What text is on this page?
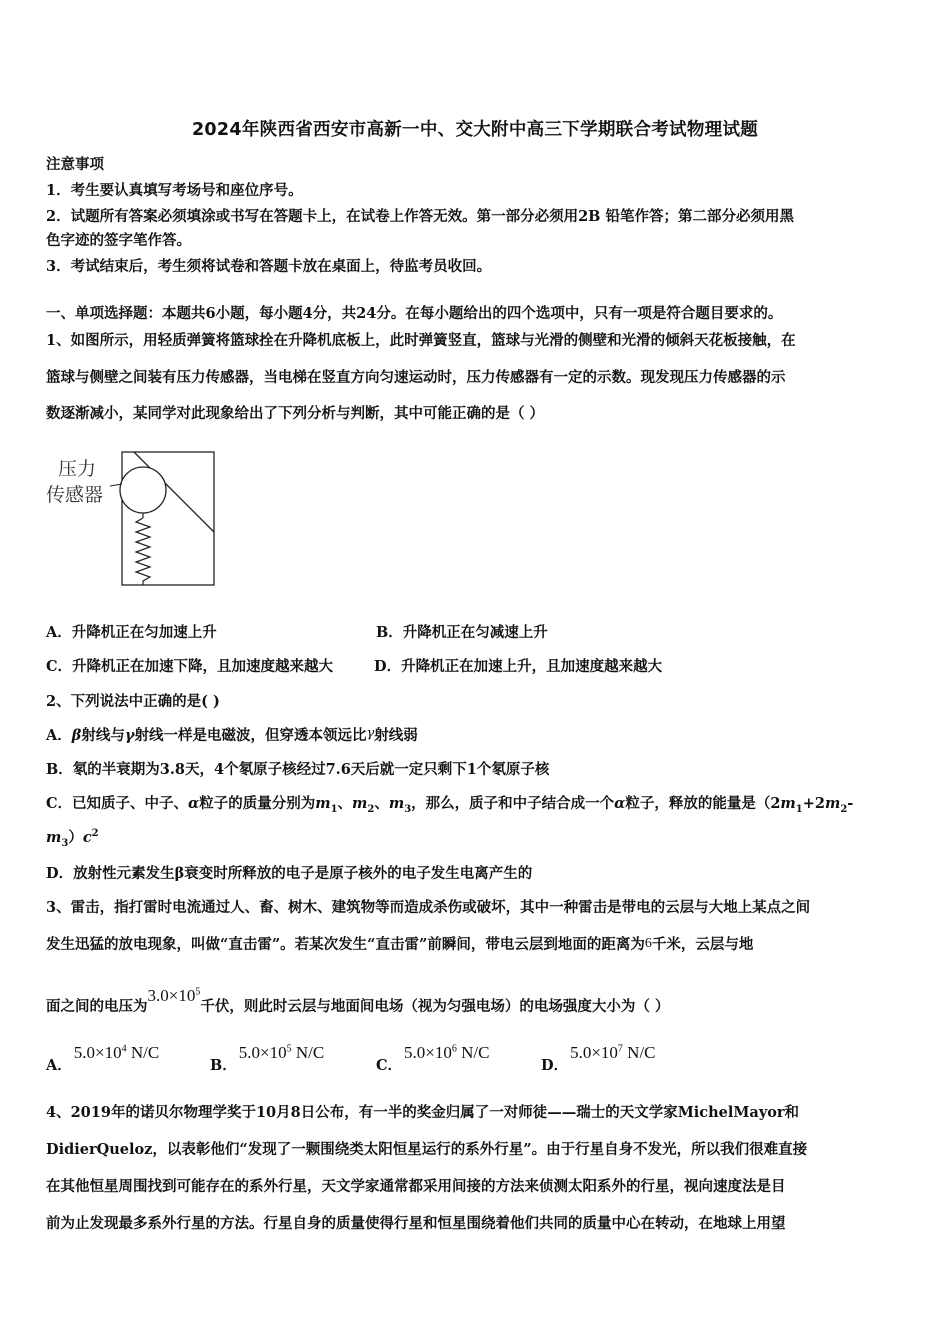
2024年陕西省西安市高新一中、交大附中高三下学期联合考试物理试题
注意事项
1．考生要认真填写考场号和座位序号。
2．试题所有答案必须填涂或书写在答题卡上，在试卷上作答无效。第一部分必须用2B 铅笔作答；第二部分必须用黑
色字迹的签字笔作答。
3．考试结束后，考生须将试卷和答题卡放在桌面上，待监考员收回。
一、单项选择题：本题共6小题，每小题4分，共24分。在每小题给出的四个选项中，只有一项是符合题目要求的。
1、如图所示，用轻质弹簧将篮球拴在升降机底板上，此时弹簧竖直，篮球与光滑的侧壁和光滑的倾斜天花板接触，在
篮球与侧壁之间装有压力传感器，当电梯在竖直方向匀速运动时，压力传感器有一定的示数。现发现压力传感器的示
数逐渐减小，某同学对此现象给出了下列分析与判断，其中可能正确的是（ ）
压力
传感器
A．升降机正在匀加速上升	B．升降机正在匀减速上升
C．升降机正在加速下降，且加速度越来越大	D．升降机正在加速上升，且加速度越来越大
2、下列说法中正确的是( )
A．β射线与γ射线一样是电磁波，但穿透本领远比γ射线弱
B．氡的半衰期为3.8天，4个氡原子核经过7.6天后就一定只剩下1个氡原子核
C．已知质子、中子、α粒子的质量分别为$m_1$、$m_2$、$m_3$，那么，质子和中子结合成一个α粒子，释放的能量是（$2m_1+2m_2-$
$m_3)c^2$
D．放射性元素发生β衰变时所释放的电子是原子核外的电子发生电离产生的
3、雷击，指打雷时电流通过人、畜、树木、建筑物等而造成杀伤或破坏，其中一种雷击是带电的云层与大地上某点之间
发生迅猛的放电现象，叫做“直击雷”。若某次发生“直击雷”前瞬间，带电云层到地面的距离为6千米，云层与地
面之间的电压为$3.0\times 10^5$千伏，则此时云层与地面间电场（视为匀强电场）的电场强度大小为（ ）
A．$5.0\times 10^4$ N/C
B．$5.0\times 10^5$ N/C
C．$5.0\times 10^6$ N/C
D．$5.0\times 10^7$ N/C
4、2019年的诺贝尔物理学奖于10月8日公布，有一半的奖金归属了一对师徒——瑞士的天文学家MichelMayor和
DidierQueloz，以表彰他们“发现了一颗围绕类太阳恒星运行的系外行星”。由于行星自身不发光，所以我们很难直接
在其他恒星周围找到可能存在的系外行星，天文学家通常都采用间接的方法来侦测太阳系外的行星，视向速度法是目
前为止发现最多系外行星的方法。行星自身的质量使得行星和恒星围绕着他们共同的质量中心在转动，在地球上用望
